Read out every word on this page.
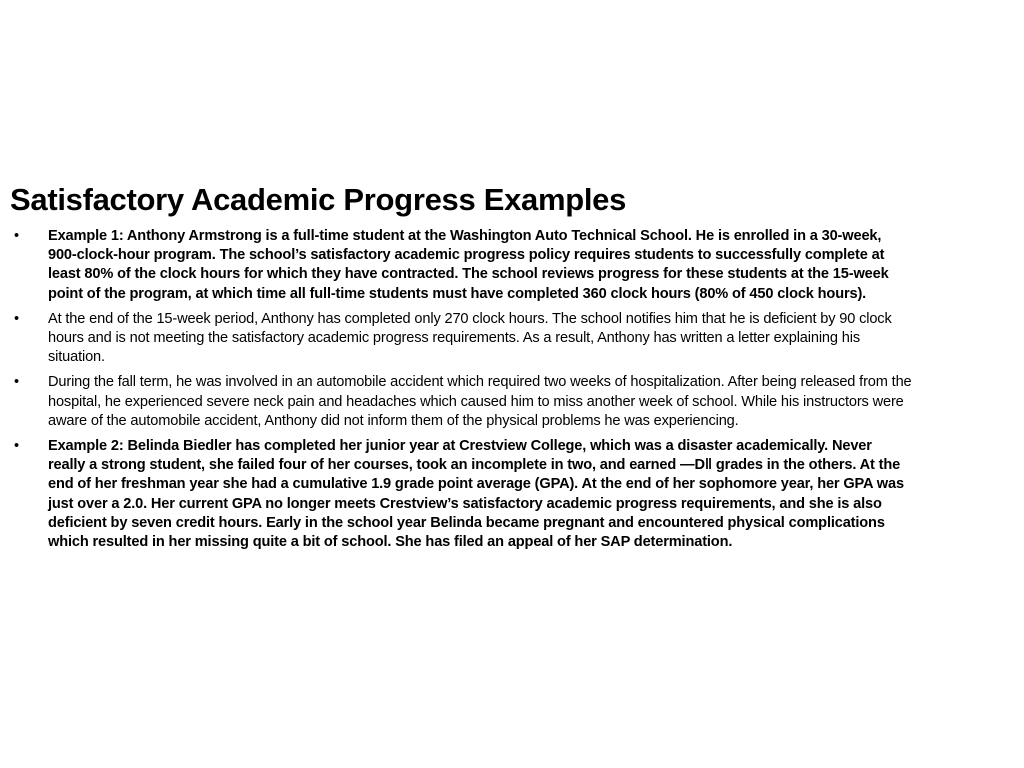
Satisfactory Academic Progress Examples
• Example 1: Anthony Armstrong is a full-time student at the Washington Auto Technical School. He is enrolled in a 30-week, 900-clock-hour program. The school’s satisfactory academic progress policy requires students to successfully complete at least 80% of the clock hours for which they have contracted. The school reviews progress for these students at the 15-week point of the program, at which time all full-time students must have completed 360 clock hours (80% of 450 clock hours).
• At the end of the 15-week period, Anthony has completed only 270 clock hours. The school notifies him that he is deficient by 90 clock hours and is not meeting the satisfactory academic progress requirements. As a result, Anthony has written a letter explaining his situation.
• During the fall term, he was involved in an automobile accident which required two weeks of hospitalization. After being released from the hospital, he experienced severe neck pain and headaches which caused him to miss another week of school. While his instructors were aware of the automobile accident, Anthony did not inform them of the physical problems he was experiencing.
• Example 2: Belinda Biedler has completed her junior year at Crestview College, which was a disaster academically. Never really a strong student, she failed four of her courses, took an incomplete in two, and earned ―D‖ grades in the others. At the end of her freshman year she had a cumulative 1.9 grade point average (GPA). At the end of her sophomore year, her GPA was just over a 2.0. Her current GPA no longer meets Crestview’s satisfactory academic progress requirements, and she is also deficient by seven credit hours. Early in the school year Belinda became pregnant and encountered physical complications which resulted in her missing quite a bit of school. She has filed an appeal of her SAP determination.
